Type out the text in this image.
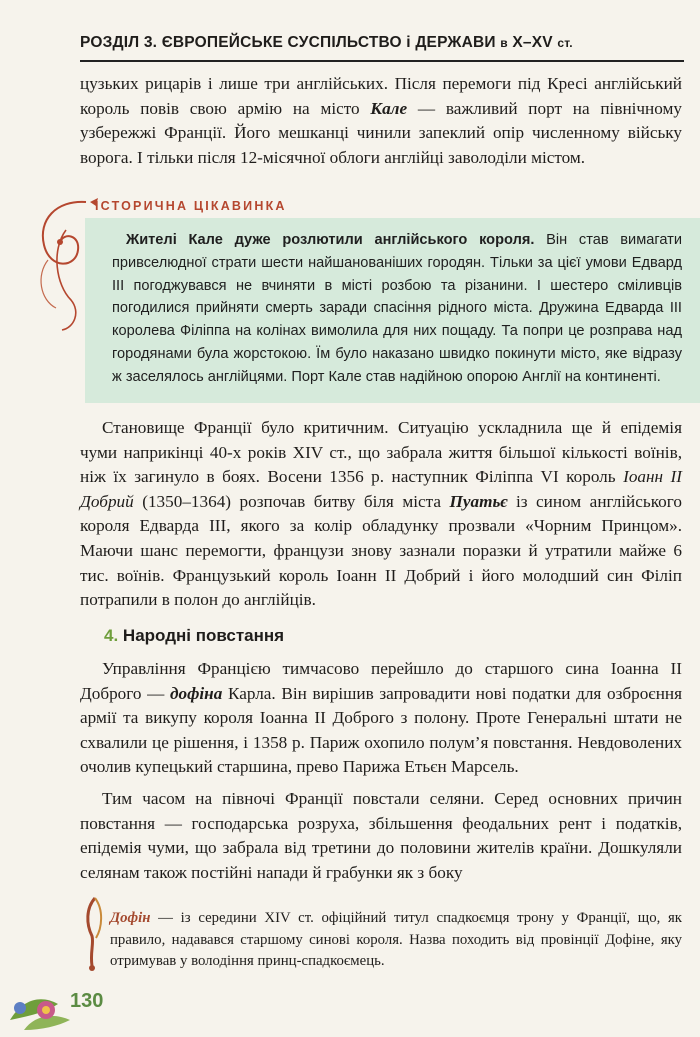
РОЗДІЛ 3. ЄВРОПЕЙСЬКЕ СУСПІЛЬСТВО і ДЕРЖАВИ в X–XV ст.

цузьких рицарів і лише три англійських. Після перемоги під Кресі англійський король повів свою армію на місто Кале — важливий порт на північному узбережжі Франції. Його мешканці чинили запеклий опір численному війську ворога. І тільки після 12-місячної облоги англійці заволоділи містом.

ІСТОРИЧНА ЦІКАВИНКА

Жителі Кале дуже розлютили англійського короля. Він став вимагати привселюдної страти шести найшанованіших городян. Тільки за цієї умови Едвард III погоджувався не вчиняти в місті розбою та різанини. І шестеро сміливців погодилися прийняти смерть заради спасіння рідного міста. Дружина Едварда III королева Філіппа на колінах вимолила для них пощаду. Та попри це розправа над городянами була жорстокою. Їм було наказано швидко покинути місто, яке відразу ж заселялось англійцями. Порт Кале став надійною опорою Англії на континенті.

Становище Франції було критичним. Ситуацію ускладнила ще й епідемія чуми наприкінці 40-х років XIV ст., що забрала життя більшої кількості воїнів, ніж їх загинуло в боях. Восени 1356 р. наступник Філіппа VI король Іоанн II Добрий (1350–1364) розпочав битву біля міста Пуатьє із сином англійського короля Едварда III, якого за колір обладунку прозвали «Чорним Принцом». Маючи шанс перемогти, французи знову зазнали поразки й утратили майже 6 тис. воїнів. Французький король Іоанн II Добрий і його молодший син Філіп потрапили в полон до англійців.

4. Народні повстання

Управління Францією тимчасово перейшло до старшого сина Іоанна II Доброго — дофіна Карла. Він вирішив запровадити нові податки для озброєння армії та викупу короля Іоанна II Доброго з полону. Проте Генеральні штати не схвалили це рішення, і 1358 р. Париж охопило полум’я повстання. Невдоволених очолив купецький старшина, прево Парижа Етьєн Марсель.

Тим часом на півночі Франції повстали селяни. Серед основних причин повстання — господарська розруха, збільшення феодальних рент і податків, епідемія чуми, що забрала від третини до половини жителів країни. Дошкуляли селянам також постійні напади й грабунки як з боку

Дофін — із середини XIV ст. офіційний титул спадкоємця трону у Франції, що, як правило, надавався старшому синові короля. Назва походить від провінції Дофіне, яку отримував у володіння принц-спадкоємець.

130
